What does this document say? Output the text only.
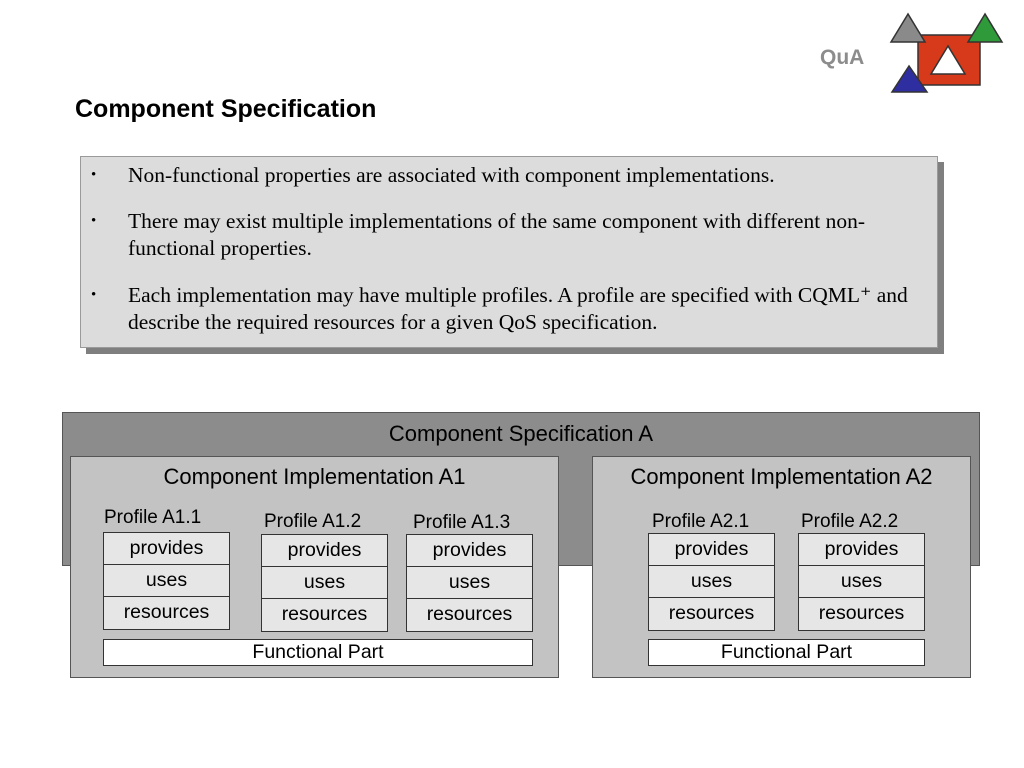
QuA
Component Specification
• Non-functional properties are associated with component implementations.
• There may exist multiple implementations of the same component with different non-functional properties.
• Each implementation may have multiple profiles. A profile are specified with CQML⁺ and describe the required resources for a given QoS specification.
Component Specification A
Component Implementation A1	Component Implementation A2
Profile A1.1
provides
uses
resources
Profile A1.2
provides
uses
resources
Profile A1.3
provides
uses
resources
Functional Part
Profile A2.1
provides
uses
resources
Profile A2.2
provides
uses
resources
Functional Part
